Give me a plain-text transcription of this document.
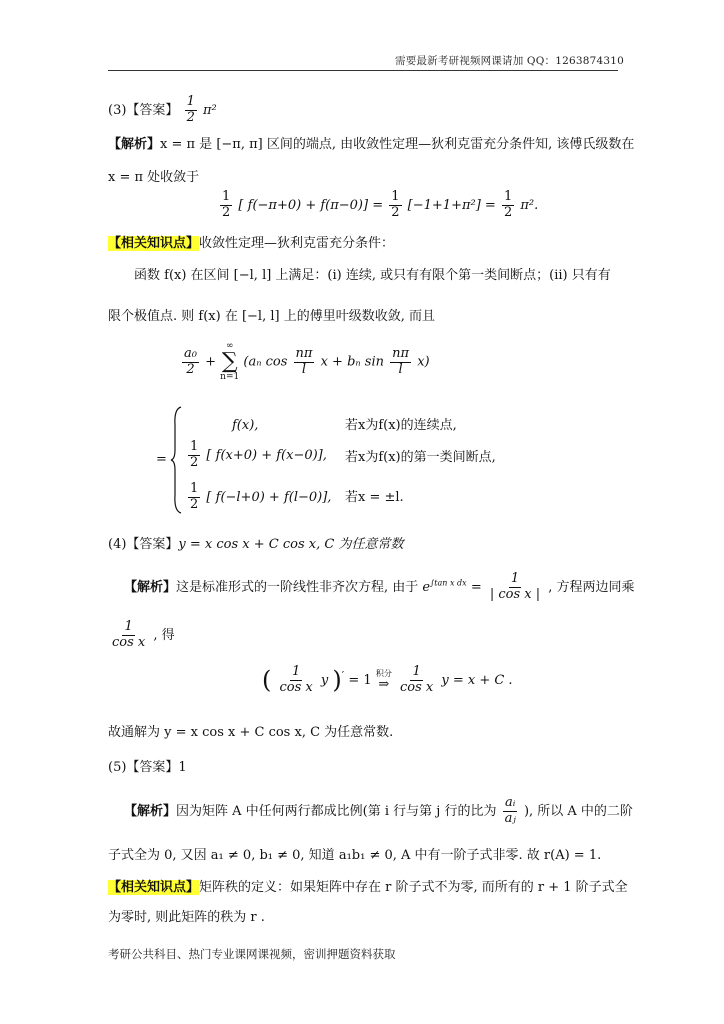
需要最新考研视频网课请加 QQ：1263874310
(3)【答案】 $\frac{1}{2} \pi^2$
【解析】x = π 是 [−π, π] 区间的端点, 由收敛性定理—狄利克雷充分条件知, 该傅氏级数在
x = π 处收敛于
$\frac{1}{2}$ [ $f(-\pi+0) + f(\pi-0)] = \frac{1}{2} [-1+1+\pi^2] = \frac{1}{2} \pi^2$.
【相关知识点】收敛性定理—狄利克雷充分条件：
函数 f(x) 在区间 [−l, l] 上满足：(i) 连续, 或只有有限个第一类间断点；(ii) 只有有
限个极值点. 则 f(x) 在 [−l, l] 上的傅里叶级数收敛, 而且
$\frac{\text{a₀}}{2}$ +
∞
∑
n=1
(aₙ $\cos \frac{n\pi}{l}$ x + bₙ $\sin \frac{n\pi}{l} x$)
=
f(x),	若x为f(x)的连续点,
$\frac{1}{2}$ [ f(x+0) + f(x−0)], 若x为f(x)的第一类间断点,
$\frac{1}{2}$ [ f(−l+0) + f(l−0)], 若x = ±l.
(4)【答案】y = x cos x + C cos x, C 为任意常数
【解析】这是标准形式的一阶线性非齐次方程, 由于 $e^{\int tan x dx} = \frac{1}{\text{| cos x |}}$ , 方程两边同乘
$\frac{1}{\text{cos x}}$ , 得
( $\frac{1}{\text{cos x}}$ y )′ = 1 积分
⇒
$\frac{1}{\text{cos x}}$ y = x + C .
故通解为 y = x cos x + C cos x, C 为任意常数.
(5)【答案】1
【解析】因为矩阵 A 中任何两行都成比例(第 i 行与第 j 行的比为 $\frac{\text{aᵢ}}{\text{aⱼ}}$ ), 所以 A 中的二阶
子式全为 0, 又因 a₁ ≠ 0, b₁ ≠ 0, 知道 a₁b₁ ≠ 0, A 中有一阶子式非零. 故 r(A) = 1.
【相关知识点】矩阵秩的定义：如果矩阵中存在 r 阶子式不为零, 而所有的 r + 1 阶子式全
为零时, 则此矩阵的秩为 r .
考研公共科目、热门专业课网课视频，密训押题资料获取
